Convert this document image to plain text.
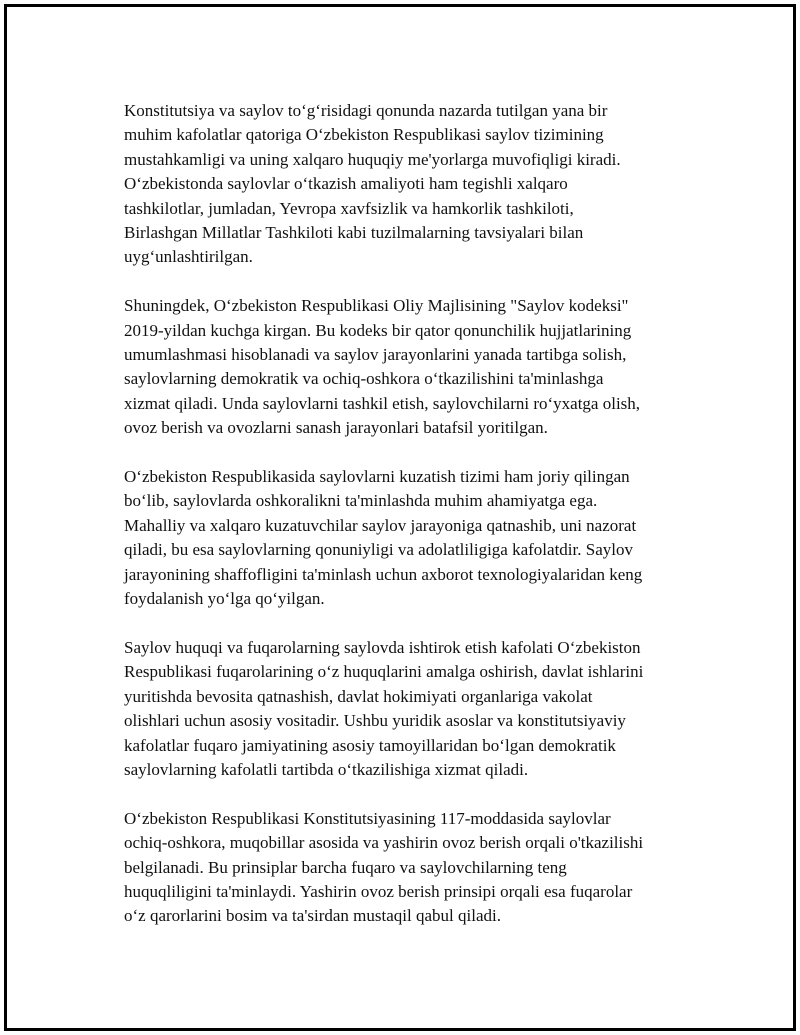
Konstitutsiya va saylov to‘g‘risidagi qonunda nazarda tutilgan yana bir
muhim kafolatlar qatoriga O‘zbekiston Respublikasi saylov tizimining
mustahkamligi va uning xalqaro huquqiy me'yorlarga muvofiqligi kiradi.
O‘zbekistonda saylovlar o‘tkazish amaliyoti ham tegishli xalqaro
tashkilotlar, jumladan, Yevropa xavfsizlik va hamkorlik tashkiloti,
Birlashgan Millatlar Tashkiloti kabi tuzilmalarning tavsiyalari bilan
uyg‘unlashtirilgan.

Shuningdek, O‘zbekiston Respublikasi Oliy Majlisining "Saylov kodeksi"
2019-yildan kuchga kirgan. Bu kodeks bir qator qonunchilik hujjatlarining
umumlashmasi hisoblanadi va saylov jarayonlarini yanada tartibga solish,
saylovlarning demokratik va ochiq-oshkora o‘tkazilishini ta'minlashga
xizmat qiladi. Unda saylovlarni tashkil etish, saylovchilarni ro‘yxatga olish,
ovoz berish va ovozlarni sanash jarayonlari batafsil yoritilgan.

O‘zbekiston Respublikasida saylovlarni kuzatish tizimi ham joriy qilingan
bo‘lib, saylovlarda oshkoralikni ta'minlashda muhim ahamiyatga ega.
Mahalliy va xalqaro kuzatuvchilar saylov jarayoniga qatnashib, uni nazorat
qiladi, bu esa saylovlarning qonuniyligi va adolatliligiga kafolatdir. Saylov
jarayonining shaffofligini ta'minlash uchun axborot texnologiyalaridan keng
foydalanish yo‘lga qo‘yilgan.

Saylov huquqi va fuqarolarning saylovda ishtirok etish kafolati O‘zbekiston
Respublikasi fuqarolarining o‘z huquqlarini amalga oshirish, davlat ishlarini
yuritishda bevosita qatnashish, davlat hokimiyati organlariga vakolat
olishlari uchun asosiy vositadir. Ushbu yuridik asoslar va konstitutsiyaviy
kafolatlar fuqaro jamiyatining asosiy tamoyillaridan bo‘lgan demokratik
saylovlarning kafolatli tartibda o‘tkazilishiga xizmat qiladi.

O‘zbekiston Respublikasi Konstitutsiyasining 117-moddasida saylovlar
ochiq-oshkora, muqobillar asosida va yashirin ovoz berish orqali o'tkazilishi
belgilanadi. Bu prinsiplar barcha fuqaro va saylovchilarning teng
huquqliligini ta'minlaydi. Yashirin ovoz berish prinsipi orqali esa fuqarolar
o‘z qarorlarini bosim va ta'sirdan mustaqil qabul qiladi.
